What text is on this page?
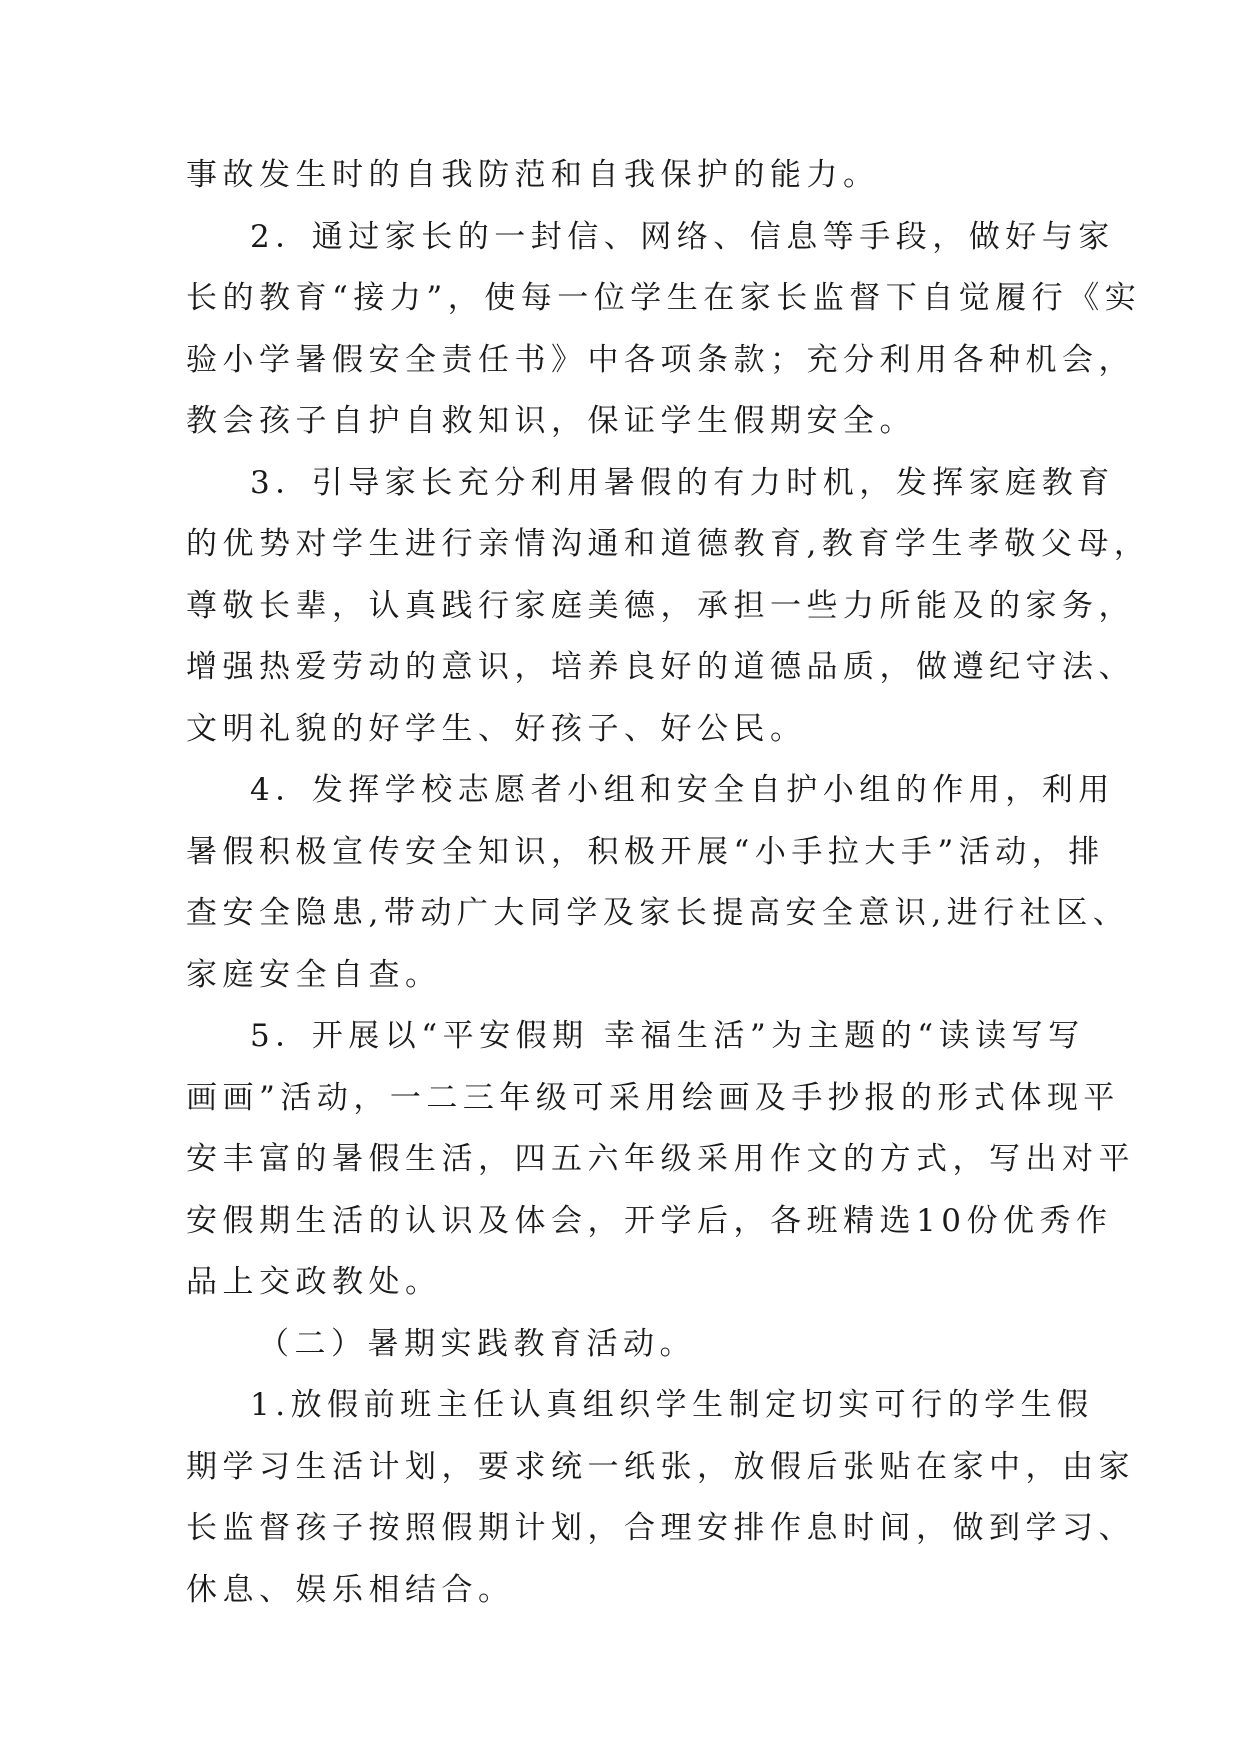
事故发生时的自我防范和自我保护的能力。
2．通过家长的一封信、网络、信息等手段，做好与家
长的教育“接力”，使每一位学生在家长监督下自觉履行《实
验小学暑假安全责任书》中各项条款；充分利用各种机会，
教会孩子自护自救知识，保证学生假期安全。
3．引导家长充分利用暑假的有力时机，发挥家庭教育
的优势对学生进行亲情沟通和道德教育,教育学生孝敬父母，
尊敬长辈，认真践行家庭美德，承担一些力所能及的家务，
增强热爱劳动的意识，培养良好的道德品质，做遵纪守法、
文明礼貌的好学生、好孩子、好公民。
4．发挥学校志愿者小组和安全自护小组的作用，利用
暑假积极宣传安全知识，积极开展“小手拉大手”活动，排
查安全隐患,带动广大同学及家长提高安全意识,进行社区、
家庭安全自查。
5．开展以“平安假期 幸福生活”为主题的“读读写写
画画”活动，一二三年级可采用绘画及手抄报的形式体现平
安丰富的暑假生活，四五六年级采用作文的方式，写出对平
安假期生活的认识及体会，开学后，各班精选10份优秀作
品上交政教处。
（二）暑期实践教育活动。
1.放假前班主任认真组织学生制定切实可行的学生假
期学习生活计划，要求统一纸张，放假后张贴在家中，由家
长监督孩子按照假期计划，合理安排作息时间，做到学习、
休息、娱乐相结合。
